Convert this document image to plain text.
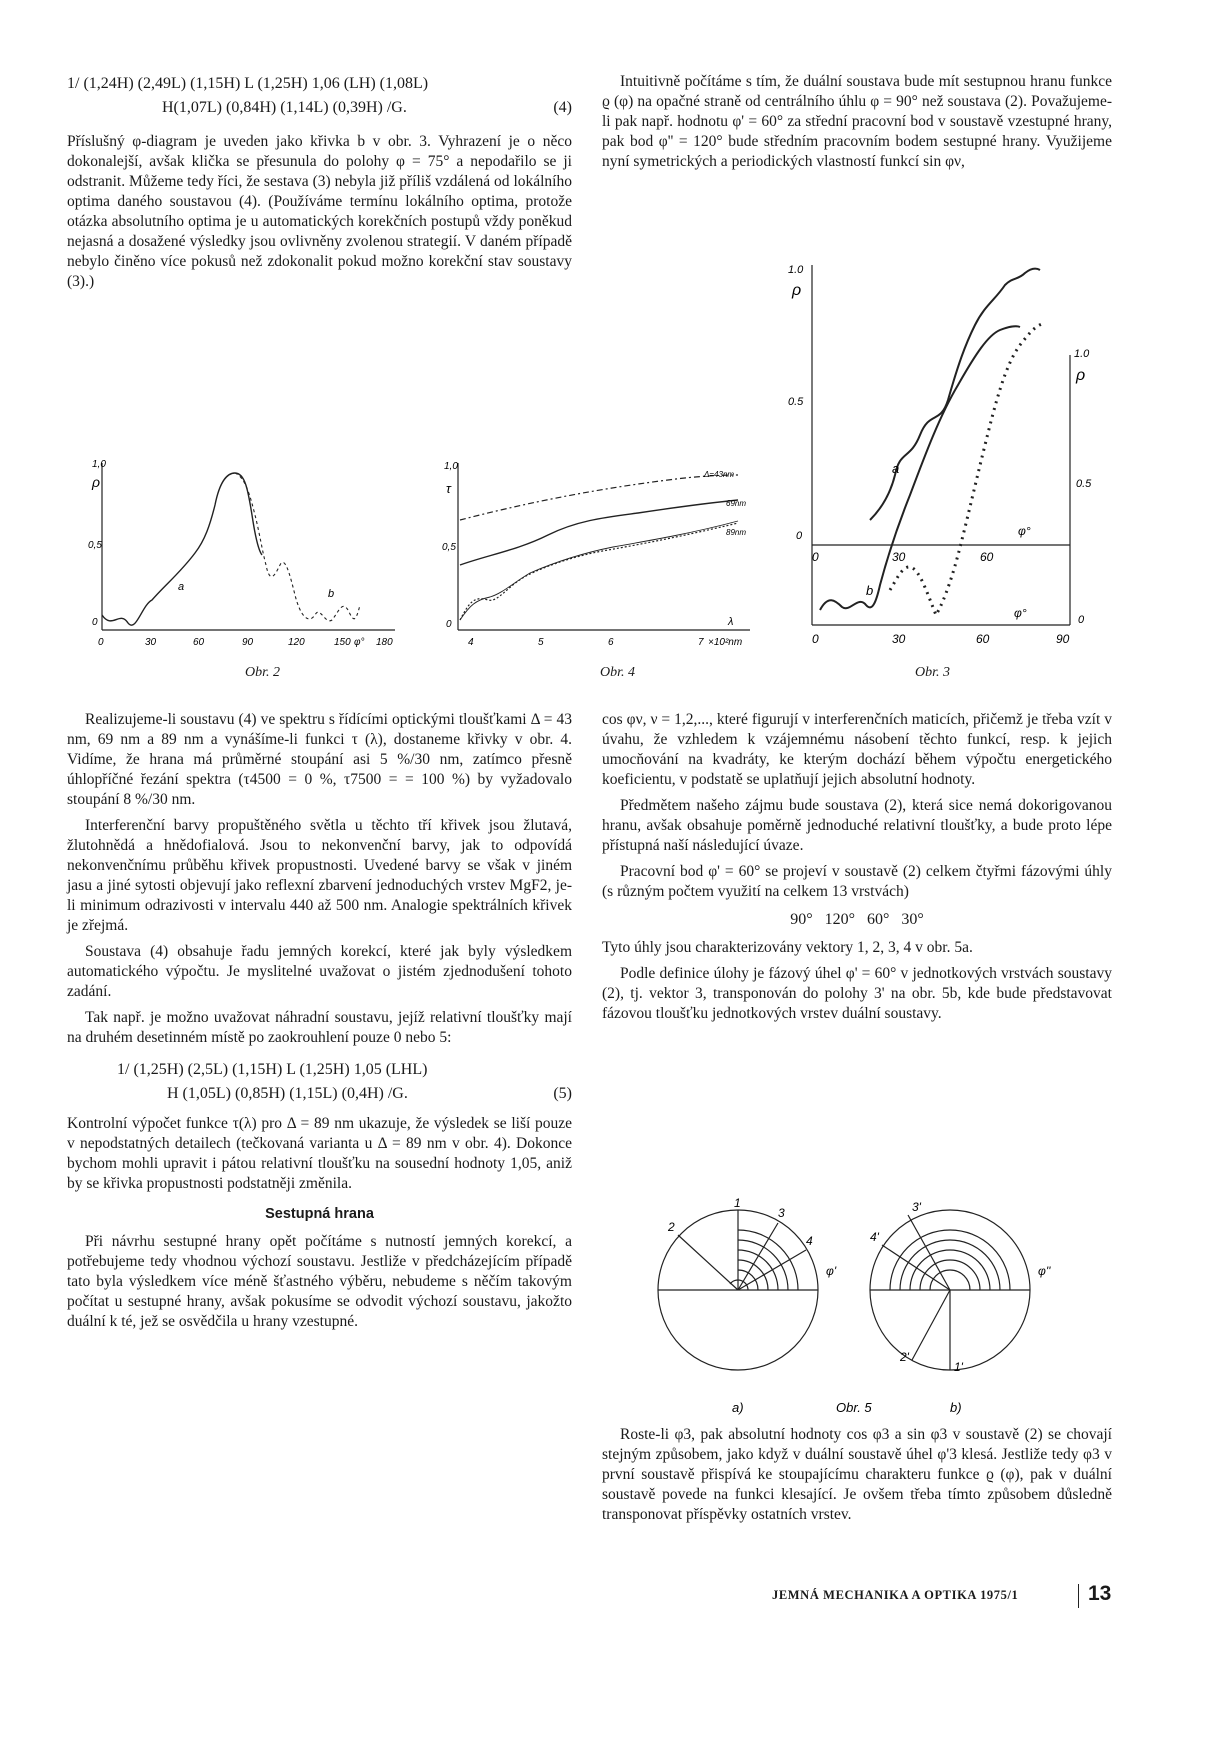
1/ (1,24H) (2,49L) (1,15H) L (1,25H) 1,06 (LH) (1,08L)
H(1,07L) (0,84H) (1,14L) (0,39H) /G.	(4)

Příslušný φ-diagram je uveden jako křivka b v obr. 3. Vyhrazení je o něco dokonalejší, avšak klička se přesunula do polohy φ = 75° a nepodařilo se ji odstranit. Můžeme tedy říci, že sestava (3) nebyla již příliš vzdálená od lokálního optima daného soustavou (4). (Používáme termínu lokálního optima, protože otázka absolutního optima je u automatických korekčních postupů vždy poněkud nejasná a dosažené výsledky jsou ovlivněny zvolenou strategií. V daném případě nebylo činěno více pokusů než zdokonalit pokud možno korekční stav soustavy (3).)

Intuitivně počítáme s tím, že duální soustava bude mít sestupnou hranu funkce ϱ (φ) na opačné straně od centrálního úhlu φ = 90° než soustava (2). Považujeme-li pak např. hodnotu φ' = 60° za střední pracovní bod v soustavě vzestupné hrany, pak bod φ'' = 120° bude středním pracovním bodem sestupné hrany. Využijeme nyní symetrických a periodických vlastností funkcí sin φν,

1,0
ρ
0,5
0
a
b
0	30	60	90	120	150 φ° 180
Obr. 2
1,0
τ
0,5
0
Δ=43nm
69nm
89nm
λ
4	5	6	7 ×10²nm
Obr. 4
1.0
ρ
0.5
0
1.0
ρ
0.5
0
a
b
φ°
φ°
0	30	60
0	30	60	90
Obr. 3

Realizujeme-li soustavu (4) ve spektru s řídícími optickými tloušťkami Δ = 43 nm, 69 nm a 89 nm a vynášíme-li funkci τ (λ), dostaneme křivky v obr. 4. Vidíme, že hrana má průměrné stoupání asi 5 %/30 nm, zatímco přesně úhlopříčné řezání spektra (τ4500 = 0 %, τ7500 = = 100 %) by vyžadovalo stoupání 8 %/30 nm.

Interferenční barvy propuštěného světla u těchto tří křivek jsou žlutavá, žlutohnědá a hnědofialová. Jsou to nekonvenční barvy, jak to odpovídá nekonvenčnímu průběhu křivek propustnosti. Uvedené barvy se však v jiném jasu a jiné sytosti objevují jako reflexní zbarvení jednoduchých vrstev MgF2, je-li minimum odrazivosti v intervalu 440 až 500 nm. Analogie spektrálních křivek je zřejmá.

Soustava (4) obsahuje řadu jemných korekcí, které jak byly výsledkem automatického výpočtu. Je myslitelné uvažovat o jistém zjednodušení tohoto zadání.

Tak např. je možno uvažovat náhradní soustavu, jejíž relativní tloušťky mají na druhém desetinném místě po zaokrouhlení pouze 0 nebo 5:

1/ (1,25H) (2,5L) (1,15H) L (1,25H) 1,05 (LHL)
H (1,05L) (0,85H) (1,15L) (0,4H) /G.	(5)

Kontrolní výpočet funkce τ(λ) pro Δ = 89 nm ukazuje, že výsledek se liší pouze v nepodstatných detailech (tečkovaná varianta u Δ = 89 nm v obr. 4). Dokonce bychom mohli upravit i pátou relativní tloušťku na sousední hodnoty 1,05, aniž by se křivka propustnosti podstatněji změnila.

Sestupná hrana

Při návrhu sestupné hrany opět počítáme s nutností jemných korekcí, a potřebujeme tedy vhodnou výchozí soustavu. Jestliže v předcházejícím případě tato byla výsledkem více méně šťastného výběru, nebudeme s něčím takovým počítat u sestupné hrany, avšak pokusíme se odvodit výchozí soustavu, jakožto duální k té, jež se osvědčila u hrany vzestupné.

cos φν, ν = 1,2,..., které figurují v interferenčních maticích, přičemž je třeba vzít v úvahu, že vzhledem k vzájemnému násobení těchto funkcí, resp. k jejich umocňování na kvadráty, ke kterým dochází během výpočtu energetického koeficientu, v podstatě se uplatňují jejich absolutní hodnoty.

Předmětem našeho zájmu bude soustava (2), která sice nemá dokorigovanou hranu, avšak obsahuje poměrně jednoduché relativní tloušťky, a bude proto lépe přístupná naší následující úvaze.

Pracovní bod φ' = 60° se projeví v soustavě (2) celkem čtyřmi fázovými úhly (s různým počtem využití na celkem 13 vrstvách)

90°   120°   60°   30°

Tyto úhly jsou charakterizovány vektory 1, 2, 3, 4 v obr. 5a.

Podle definice úlohy je fázový úhel φ' = 60° v jednotkových vrstvách soustavy (2), tj. vektor 3, transponován do polohy 3' na obr. 5b, kde bude představovat fázovou tloušťku jednotkových vrstev duální soustavy.

1
2
3
4
φ'
3'
4'
2'
1'
φ''
a)	Obr. 5	b)

Roste-li φ3, pak absolutní hodnoty cos φ3 a sin φ3 v soustavě (2) se chovají stejným způsobem, jako když v duální soustavě úhel φ'3 klesá. Jestliže tedy φ3 v první soustavě přispívá ke stoupajícímu charakteru funkce ϱ (φ), pak v duální soustavě povede na funkci klesající. Je ovšem třeba tímto způsobem důsledně transponovat příspěvky ostatních vrstev.

JEMNÁ MECHANIKA A OPTIKA 1975/1	13
